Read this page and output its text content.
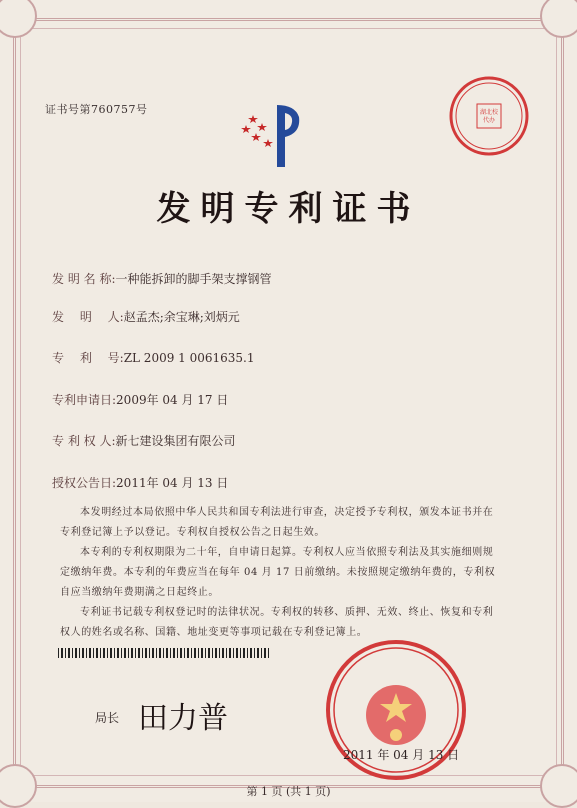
证书号第760757号	湖北校
代办
发明专利证书
发 明 名 称:一种能拆卸的脚手架支撑钢管
发　 明　 人:赵孟杰;余宝琳;刘炳元
专　 利　 号:ZL 2009 1 0061635.1
专利申请日:2009年 04 月 17 日
专 利 权 人:新七建设集团有限公司
授权公告日:2011年 04 月 13 日

本发明经过本局依照中华人民共和国专利法进行审查，决定授予专利权，颁发本证书并在专利登记簿上予以登记。专利权自授权公告之日起生效。

本专利的专利权期限为二十年，自申请日起算。专利权人应当依照专利法及其实施细则规定缴纳年费。本专利的年费应当在每年 04 月 17 日前缴纳。未按照规定缴纳年费的，专利权自应当缴纳年费期满之日起终止。

专利证书记载专利权登记时的法律状况。专利权的转移、质押、无效、终止、恢复和专利权人的姓名或名称、国籍、地址变更等事项记载在专利登记簿上。

局长 田力普
2011 年 04 月 13 日
第 1 页 (共 1 页)
